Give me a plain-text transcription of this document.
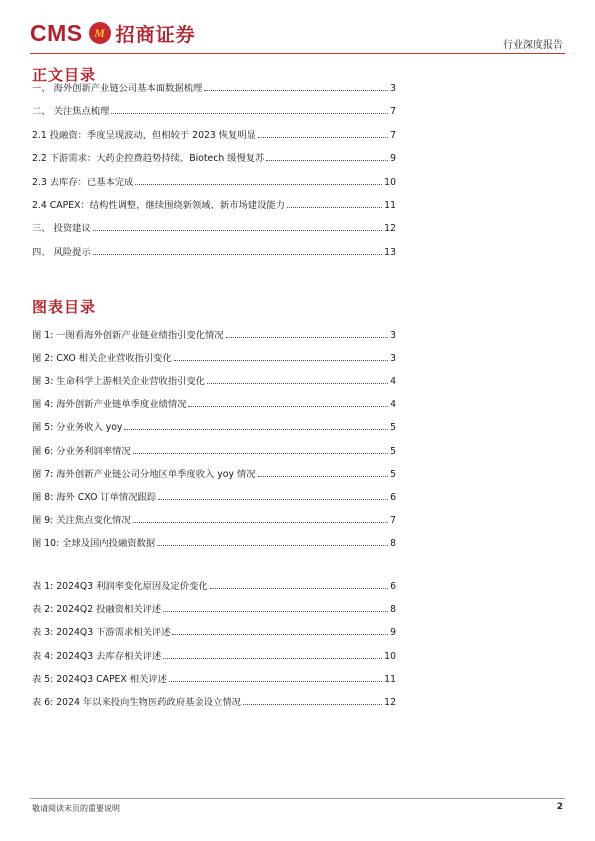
CMS M 招商证券	行业深度报告
正文目录
一、 海外创新产业链公司基本面数据梳理	3
二、 关注焦点梳理	7
2.1 投融资：季度呈现波动，但相较于 2023 恢复明显	7
2.2 下游需求：大药企控费趋势持续、Biotech 缓慢复苏	9
2.3 去库存：已基本完成	10
2.4 CAPEX：结构性调整，继续围绕新领域、新市场建设能力	11
三、 投资建议	12
四、 风险提示	13
图表目录
图 1: 一图看海外创新产业链业绩指引变化情况	3
图 2: CXO 相关企业营收指引变化	3
图 3: 生命科学上游相关企业营收指引变化	4
图 4: 海外创新产业链单季度业绩情况	4
图 5: 分业务收入 yoy	5
图 6: 分业务利润率情况	5
图 7: 海外创新产业链公司分地区单季度收入 yoy 情况	5
图 8: 海外 CXO 订单情况跟踪	6
图 9: 关注焦点变化情况	7
图 10: 全球及国内投融资数据	8
表 1: 2024Q3 利润率变化原因及定价变化	6
表 2: 2024Q2 投融资相关评述	8
表 3: 2024Q3 下游需求相关评述	9
表 4: 2024Q3 去库存相关评述	10
表 5: 2024Q3 CAPEX 相关评述	11
表 6: 2024 年以来投向生物医药政府基金设立情况	12
敬请阅读末页的重要说明	2
